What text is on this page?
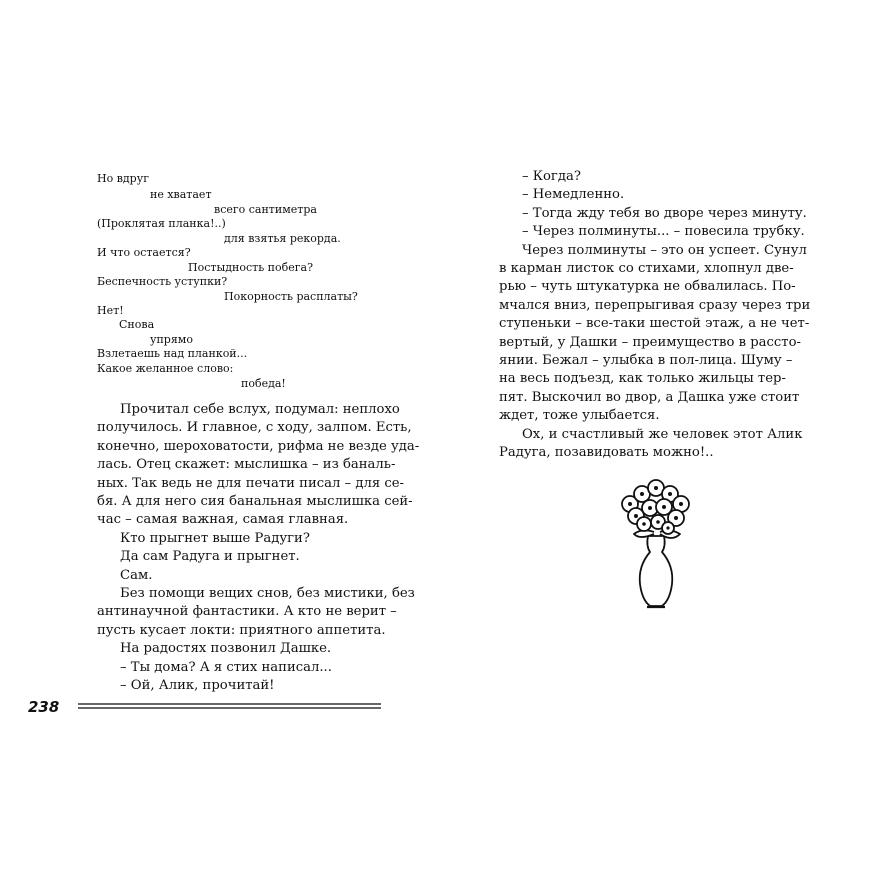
Но вдруг
не хватает
всего сантиметра
(Проклятая планка!..)
для взятья рекорда.
И что остается?
Постыдность побега?
Беспечность уступки?
Покорность расплаты?
Нет!
Снова
упрямо
Взлетаешь над планкой...
Какое желанное слово:
победа!

Прочитал себе вслух, подумал: неплохо

получилось. И главное, с ходу, залпом. Есть,

конечно, шероховатости, рифма не везде уда-

лась. Отец скажет: мыслишка – из баналь-

ных. Так ведь не для печати писал – для се-

бя. А для него сия банальная мыслишка сей-

час – самая важная, самая главная.

Кто прыгнет выше Радуги?

Да сам Радуга и прыгнет.

Сам.

Без помощи вещих снов, без мистики, без

антинаучной фантастики. А кто не верит –

пусть кусает локти: приятного аппетита.

На радостях позвонил Дашке.

– Ты дома? А я стих написал...

– Ой, Алик, прочитай!

238

– Когда?

– Немедленно.

– Тогда жду тебя во дворе через минуту.

– Через полминуты... – повесила трубку.

Через полминуты – это он успеет. Сунул

в карман листок со стихами, хлопнул две-

рью – чуть штукатурка не обвалилась. По-

мчался вниз, перепрыгивая сразу через три

ступеньки – все-таки шестой этаж, а не чет-

вертый, у Дашки – преимущество в рассто-

янии. Бежал – улыбка в пол-лица. Шуму –

на весь подъезд, как только жильцы тер-

пят. Выскочил во двор, а Дашка уже стоит

ждет, тоже улыбается.

Ох, и счастливый же человек этот Алик

Радуга, позавидовать можно!..
